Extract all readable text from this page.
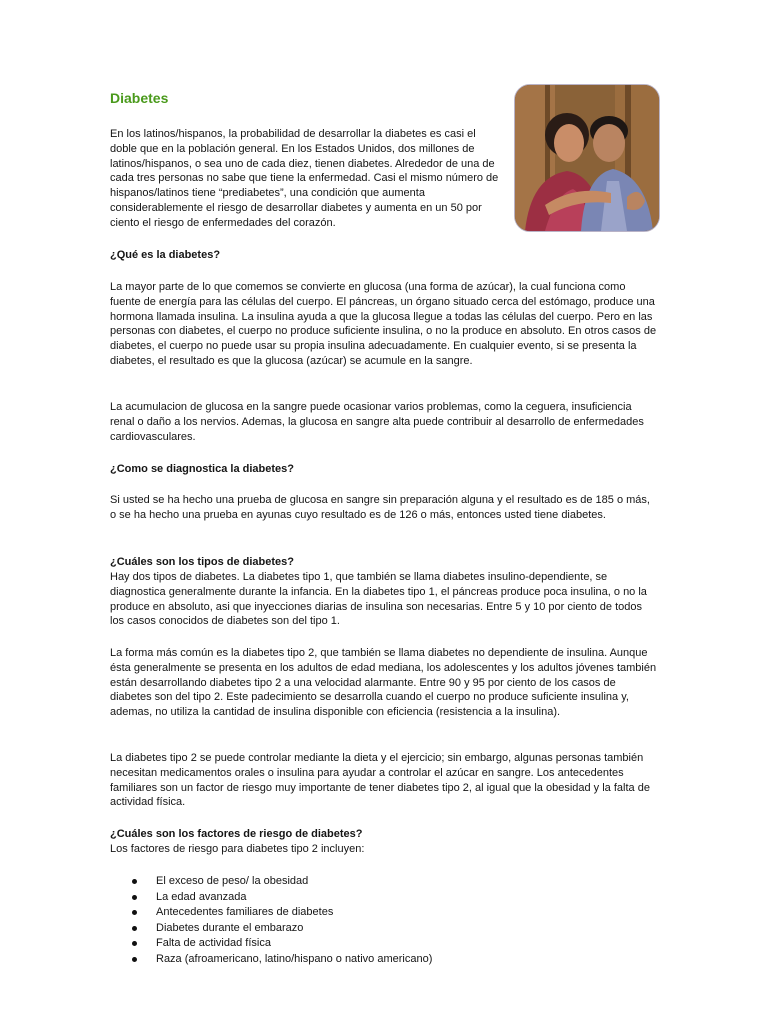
Diabetes
En los latinos/hispanos, la probabilidad de desarrollar la diabetes es casi el doble que en la población general. En los Estados Unidos, dos millones de latinos/hispanos, o sea uno de cada diez, tienen diabetes. Alrededor de una de cada tres personas no sabe que tiene la enfermedad. Casi el mismo número de hispanos/latinos tiene “prediabetes”, una condición que aumenta considerablemente el riesgo de desarrollar diabetes y aumenta en un 50 por ciento el riesgo de enfermedades del corazón.
¿Qué es la diabetes?
La mayor parte de lo que comemos se convierte en glucosa (una forma de azúcar), la cual funciona como fuente de energía para las células del cuerpo. El páncreas, un órgano situado cerca del estómago, produce una hormona llamada insulina. La insulina ayuda a que la glucosa llegue a todas las células del cuerpo. Pero en las personas con diabetes, el cuerpo no produce suficiente insulina, o no la produce en absoluto. En otros casos de diabetes, el cuerpo no puede usar su propia insulina adecuadamente. En cualquier evento, si se presenta la diabetes, el resultado es que la glucosa (azúcar) se acumule en la sangre.
La acumulacion de glucosa en la sangre puede ocasionar varios problemas, como la ceguera, insuficiencia renal o daño a los nervios. Ademas, la glucosa en sangre alta puede contribuir al desarrollo de enfermedades cardiovasculares.
¿Como se diagnostica la diabetes?
Si usted se ha hecho una prueba de glucosa en sangre sin preparación alguna y el resultado es de 185 o más, o se ha hecho una prueba en ayunas cuyo resultado es de 126 o más, entonces usted tiene diabetes.
¿Cuáles son los tipos de diabetes?
Hay dos tipos de diabetes. La diabetes tipo 1, que también se llama diabetes insulino-dependiente, se diagnostica generalmente durante la infancia. En la diabetes tipo 1, el páncreas produce poca insulina, o no la produce en absoluto, asi que inyecciones diarias de insulina son necesarias. Entre 5 y 10 por ciento de todos los casos conocidos de diabetes son del tipo 1.
La forma más común es la diabetes tipo 2, que también se llama diabetes no dependiente de insulina. Aunque ésta generalmente se presenta en los adultos de edad mediana, los adolescentes y los adultos jóvenes también están desarrollando diabetes tipo 2 a una velocidad alarmante. Entre 90 y 95 por ciento de los casos de diabetes son del tipo 2. Este padecimiento se desarrolla cuando el cuerpo no produce suficiente insulina y, ademas, no utiliza la cantidad de insulina disponible con eficiencia (resistencia a la insulina).
La diabetes tipo 2 se puede controlar mediante la dieta y el ejercicio; sin embargo, algunas personas también necesitan medicamentos orales o insulina para ayudar a controlar el azúcar en sangre. Los antecedentes familiares son un factor de riesgo muy importante de tener diabetes tipo 2, al igual que la obesidad y la falta de actividad física.
¿Cuáles son los factores de riesgo de diabetes?
Los factores de riesgo para diabetes tipo 2 incluyen:
El exceso de peso/ la obesidad
La edad avanzada
Antecedentes familiares de diabetes
Diabetes durante el embarazo
Falta de actividad física
Raza (afroamericano, latino/hispano o nativo americano)
